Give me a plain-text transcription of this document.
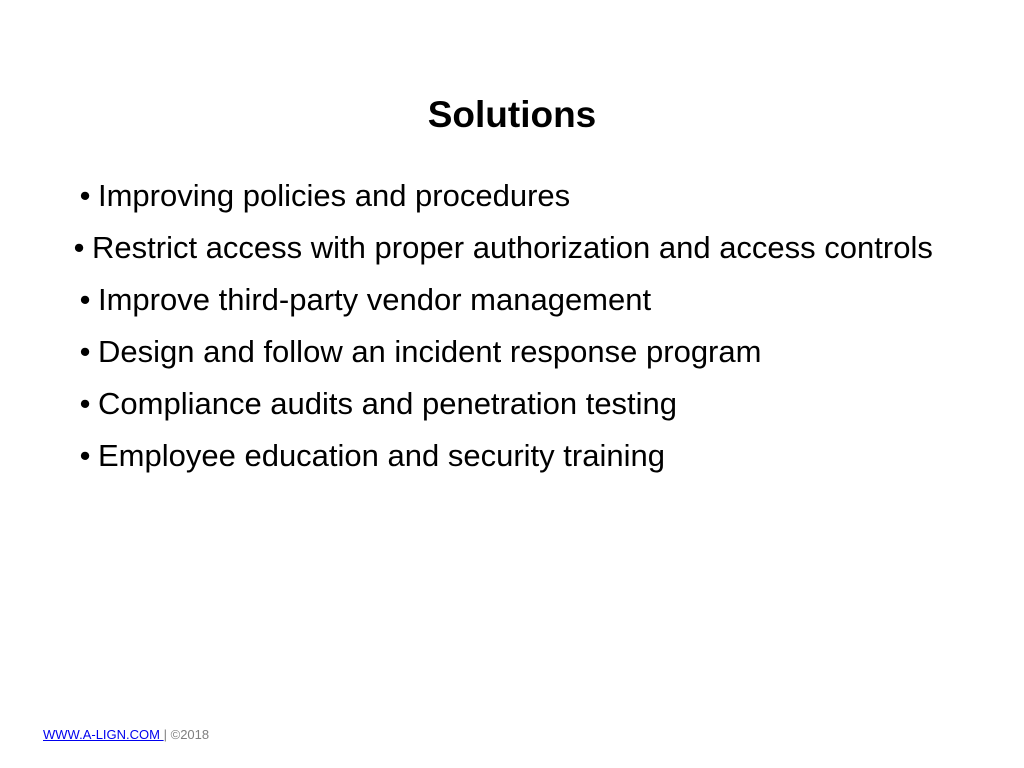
Solutions
• Improving policies and procedures
• Restrict access with proper authorization and access controls
• Improve third-party vendor management
• Design and follow an incident response program
• Compliance audits and penetration testing
• Employee education and security training
WWW.A-LIGN.COM | ©2018
